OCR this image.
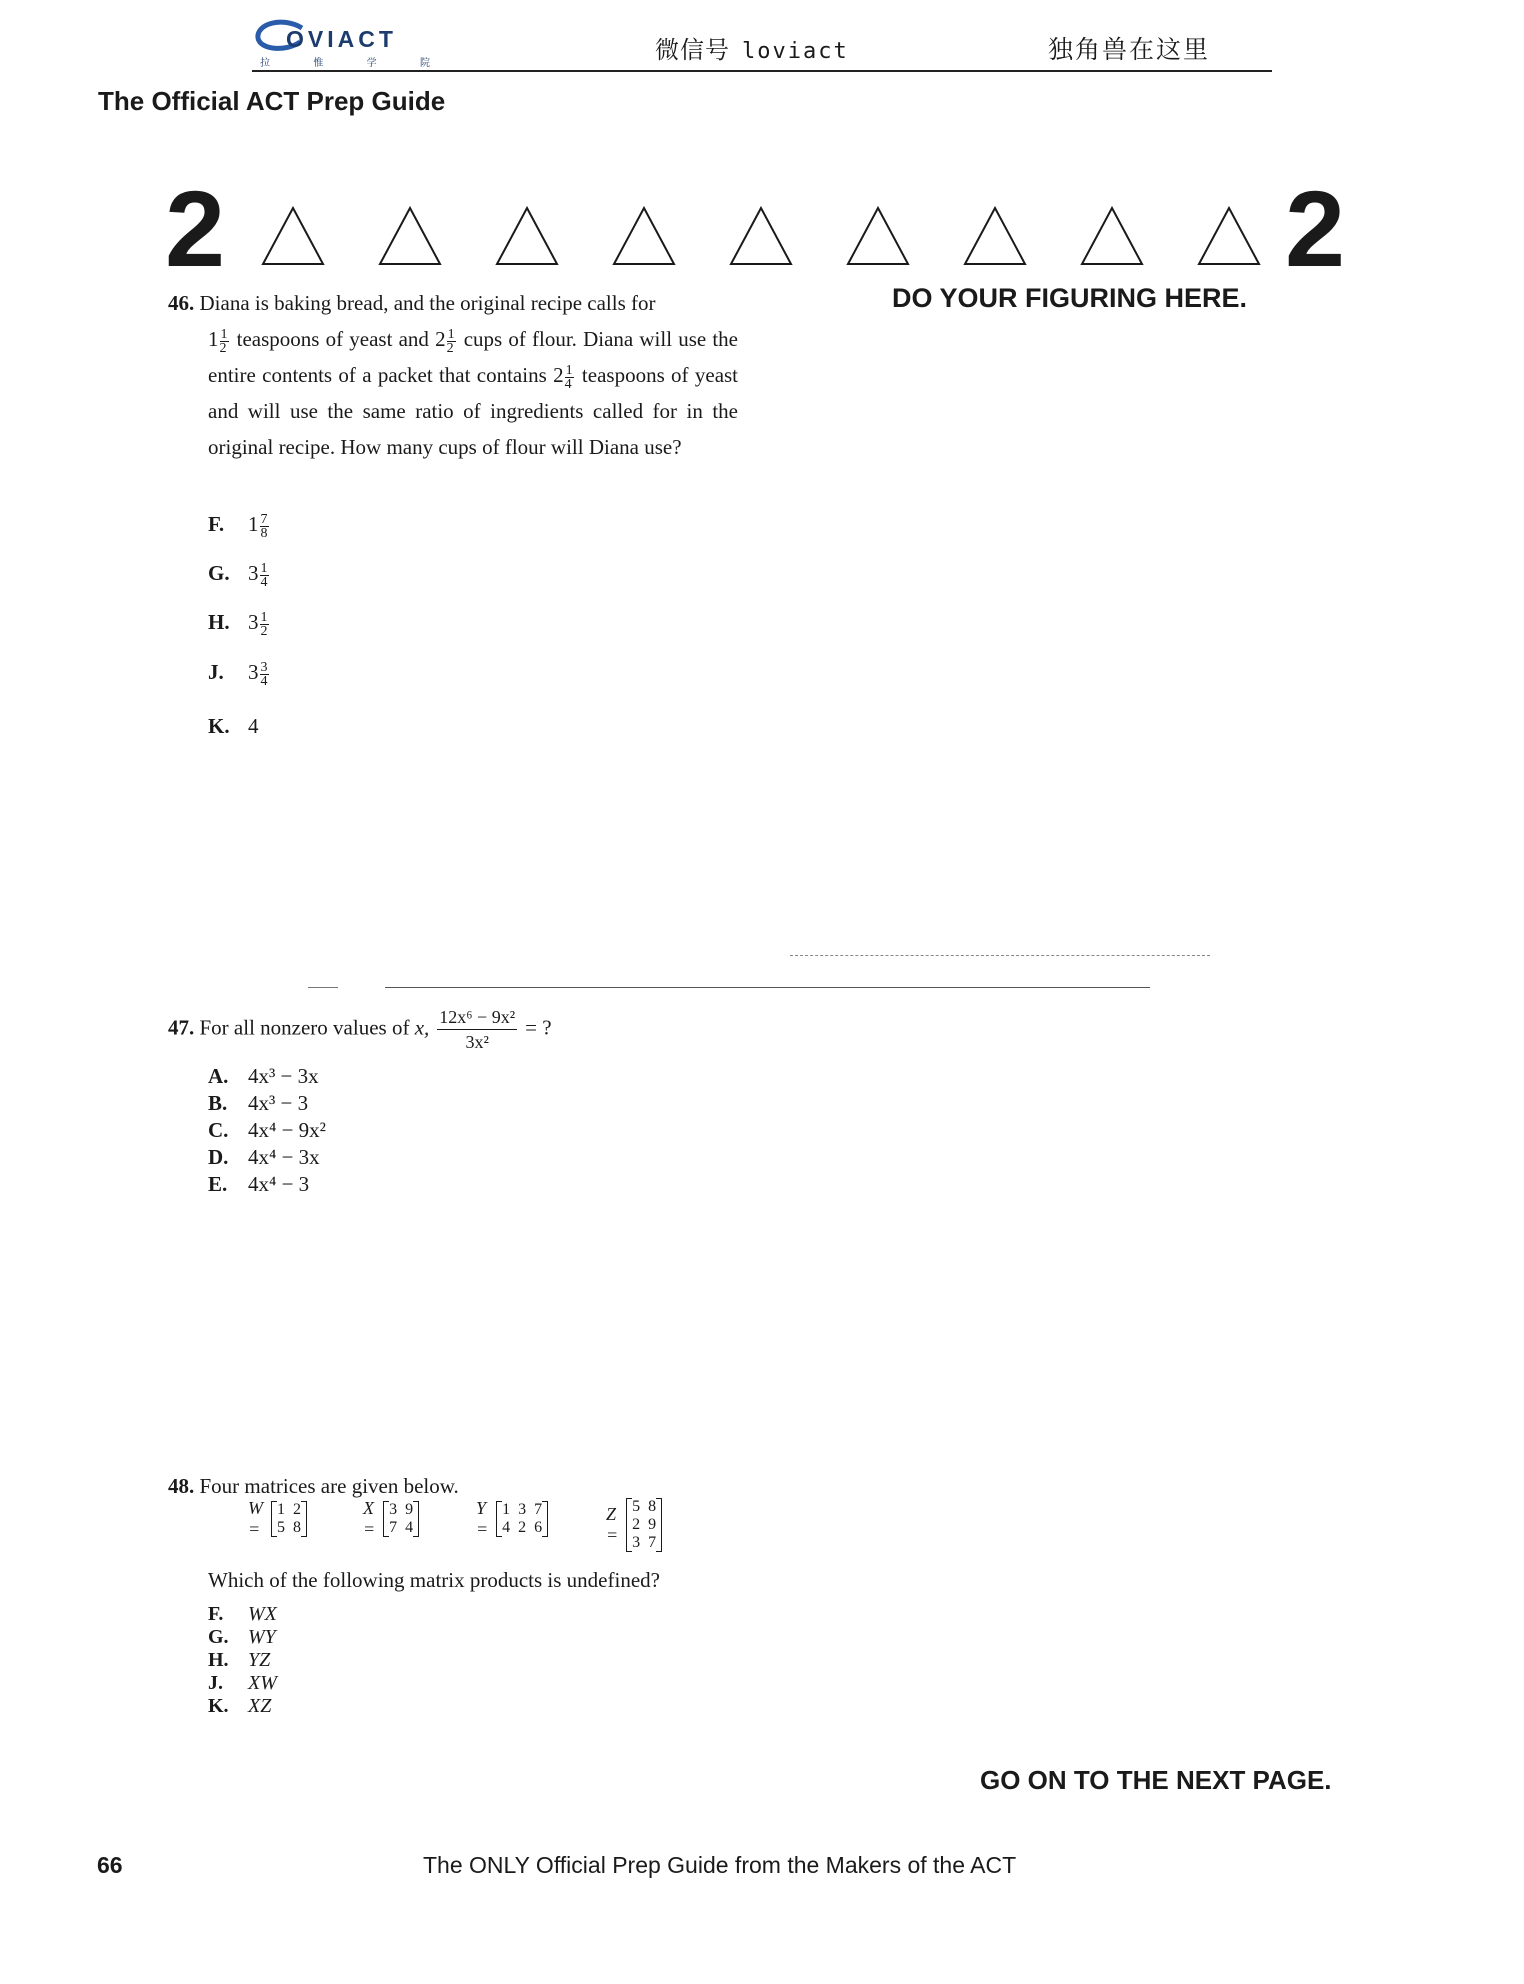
OVIACT
拉	惟	学	院	微信号 loviact	独角兽在这里
The Official ACT Prep Guide
2	2
DO YOUR FIGURING HERE.
46. Diana is baking bread, and the original recipe calls for
$1 \frac{1}{2}$ teaspoons of yeast and $2 \frac{1}{2}$ cups of flour. Diana will use the entire contents of a packet that contains $2 \frac{1}{4}$ teaspoons of yeast and will use the same ratio of ingredients called for in the original recipe. How many cups of flour will Diana use?
F. $1 \frac{7}{8}$
G. $3 \frac{1}{4}$
H. $3 \frac{1}{2}$
J. $3 \frac{3}{4}$
K. 4
47. For all nonzero values of x, $\frac{\text{12x⁶ − 9x²}}{\text{3x²}}$ = ?
A. 4x³ − 3x
B. 4x³ − 3
C. 4x⁴ − 9x²
D. 4x⁴ − 3x
E. 4x⁴ − 3
48. Four matrices are given below.
W =
1 2
5 8
X =
3 9
7 4
Y =
1 3 7
4 2 6
Z =
5 8
2 9
3 7
Which of the following matrix products is undefined?
F. WX
G. WY
H. YZ
J. XW
K. XZ
GO ON TO THE NEXT PAGE.
66	The ONLY Official Prep Guide from the Makers of the ACT
